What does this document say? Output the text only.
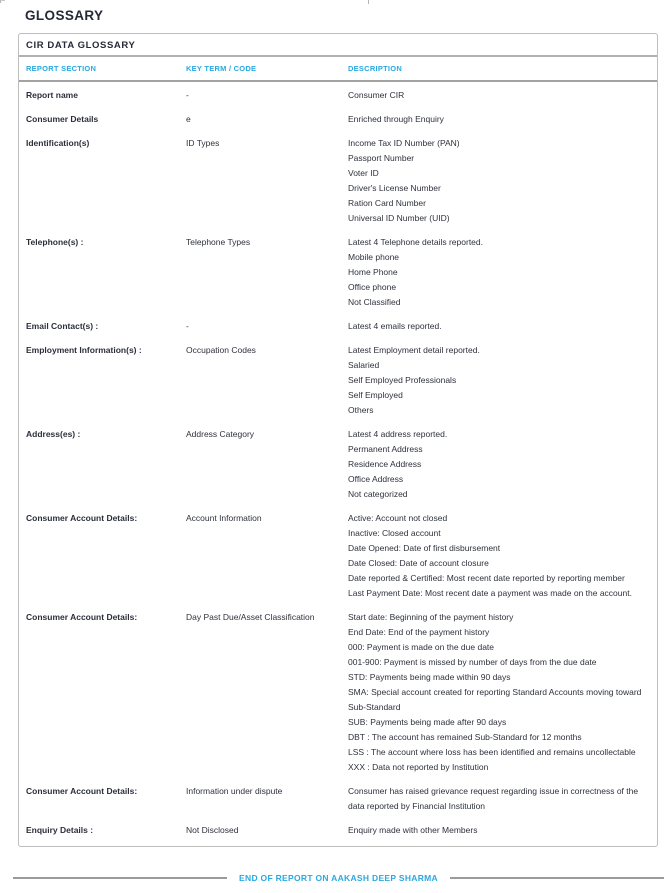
GLOSSARY
CIR DATA GLOSSARY
REPORT SECTION	KEY TERM / CODE	DESCRIPTION
Report name	-	Consumer CIR
Consumer Details	e	Enriched through Enquiry
Identification(s)	ID Types	Income Tax ID Number (PAN)
Passport Number
Voter ID
Driver's License Number
Ration Card Number
Universal ID Number (UID)
Telephone(s) :	Telephone Types	Latest 4 Telephone details reported.
Mobile phone
Home Phone
Office phone
Not Classified
Email Contact(s) :	-	Latest 4 emails reported.
Employment Information(s) :	Occupation Codes	Latest Employment detail reported.
Salaried
Self Employed Professionals
Self Employed
Others
Address(es) :	Address Category	Latest 4 address reported.
Permanent Address
Residence Address
Office Address
Not categorized
Consumer Account Details:	Account Information	Active: Account not closed
Inactive: Closed account
Date Opened: Date of first disbursement
Date Closed: Date of account closure
Date reported & Certified: Most recent date reported by reporting member
Last Payment Date: Most recent date a payment was made on the account.
Consumer Account Details:	Day Past Due/Asset Classification	Start date: Beginning of the payment history
End Date: End of the payment history
000: Payment is made on the due date
001-900: Payment is missed by number of days from the due date
STD: Payments being made within 90 days
SMA: Special account created for reporting Standard Accounts moving toward Sub-Standard
SUB: Payments being made after 90 days
DBT : The account has remained Sub-Standard for 12 months
LSS : The account where loss has been identified and remains uncollectable
XXX : Data not reported by Institution
Consumer Account Details:	Information under dispute	Consumer has raised grievance request regarding issue in correctness of the data reported by Financial Institution
Enquiry Details :	Not Disclosed	Enquiry made with other Members
END OF REPORT ON AAKASH DEEP SHARMA
